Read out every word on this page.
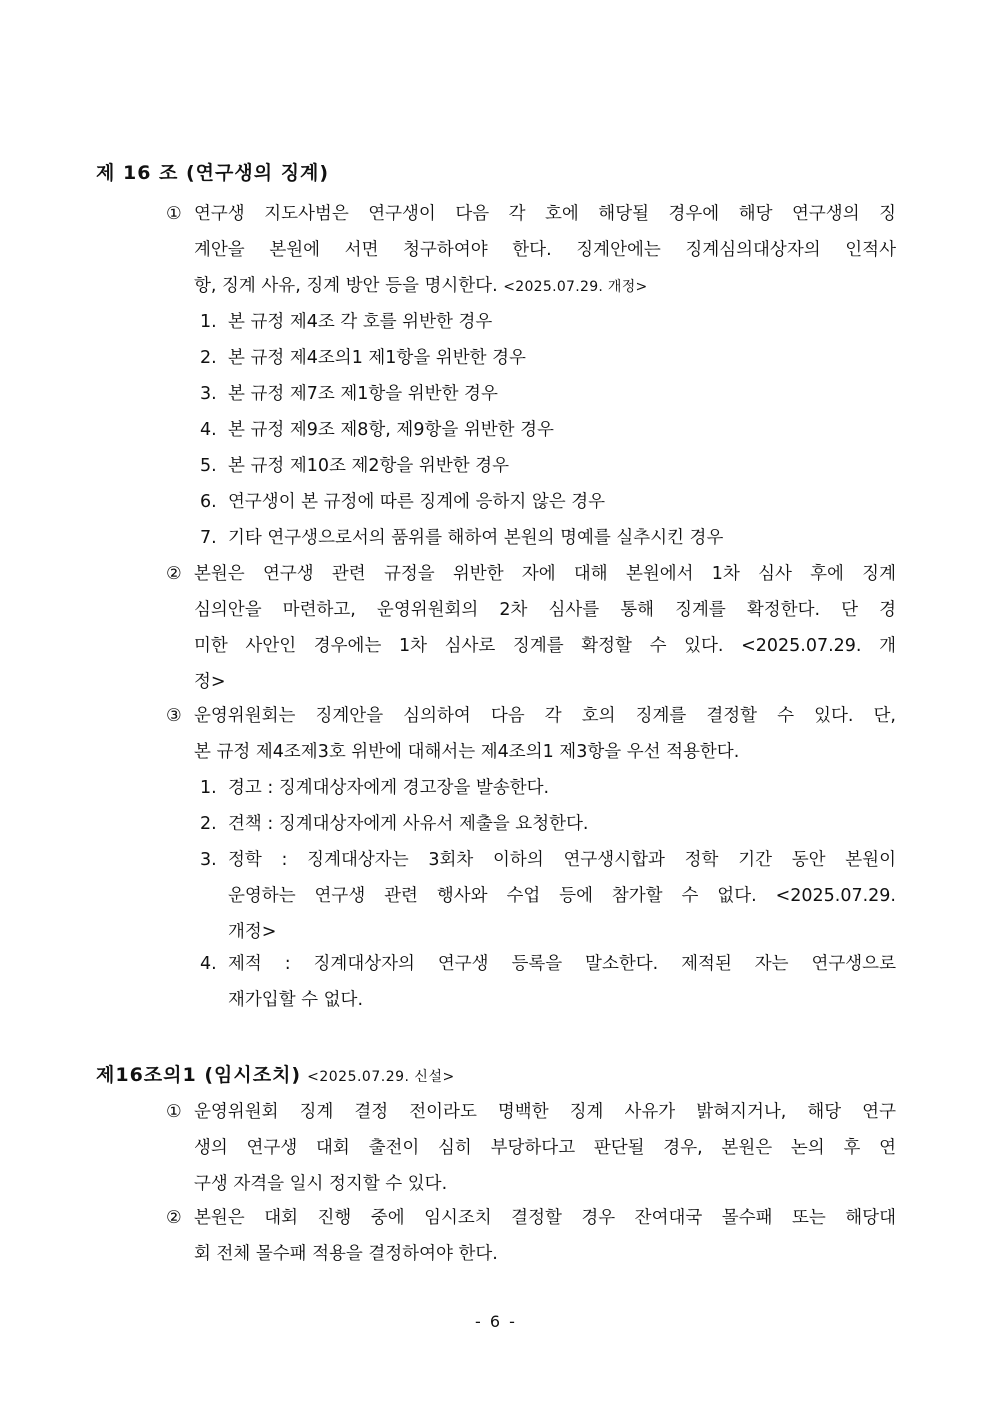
제 16 조 (연구생의 징계)
① 연구생 지도사범은 연구생이 다음 각 호에 해당될 경우에 해당 연구생의 징
계안을 본원에 서면 청구하여야 한다. 징계안에는 징계심의대상자의 인적사
항, 징계 사유, 징계 방안 등을 명시한다. <2025.07.29. 개정>
1. 본 규정 제4조 각 호를 위반한 경우
2. 본 규정 제4조의1 제1항을 위반한 경우
3. 본 규정 제7조 제1항을 위반한 경우
4. 본 규정 제9조 제8항, 제9항을 위반한 경우
5. 본 규정 제10조 제2항을 위반한 경우
6. 연구생이 본 규정에 따른 징계에 응하지 않은 경우
7. 기타 연구생으로서의 품위를 해하여 본원의 명예를 실추시킨 경우
② 본원은 연구생 관련 규정을 위반한 자에 대해 본원에서 1차 심사 후에 징계
심의안을 마련하고, 운영위원회의 2차 심사를 통해 징계를 확정한다. 단 경
미한 사안인 경우에는 1차 심사로 징계를 확정할 수 있다. <2025.07.29. 개
정>
③ 운영위원회는 징계안을 심의하여 다음 각 호의 징계를 결정할 수 있다. 단,
본 규정 제4조제3호 위반에 대해서는 제4조의1 제3항을 우선 적용한다.
1. 경고 : 징계대상자에게 경고장을 발송한다.
2. 견책 : 징계대상자에게 사유서 제출을 요청한다.
3. 정학 : 징계대상자는 3회차 이하의 연구생시합과 정학 기간 동안 본원이
운영하는 연구생 관련 행사와 수업 등에 참가할 수 없다. <2025.07.29.
개정>
4. 제적 : 징계대상자의 연구생 등록을 말소한다. 제적된 자는 연구생으로
재가입할 수 없다.
제16조의1 (임시조치) <2025.07.29. 신설>
① 운영위원회 징계 결정 전이라도 명백한 징계 사유가 밝혀지거나, 해당 연구
생의 연구생 대회 출전이 심히 부당하다고 판단될 경우, 본원은 논의 후 연
구생 자격을 일시 정지할 수 있다.
② 본원은 대회 진행 중에 임시조치 결정할 경우 잔여대국 몰수패 또는 해당대
회 전체 몰수패 적용을 결정하여야 한다.
- 6 -
